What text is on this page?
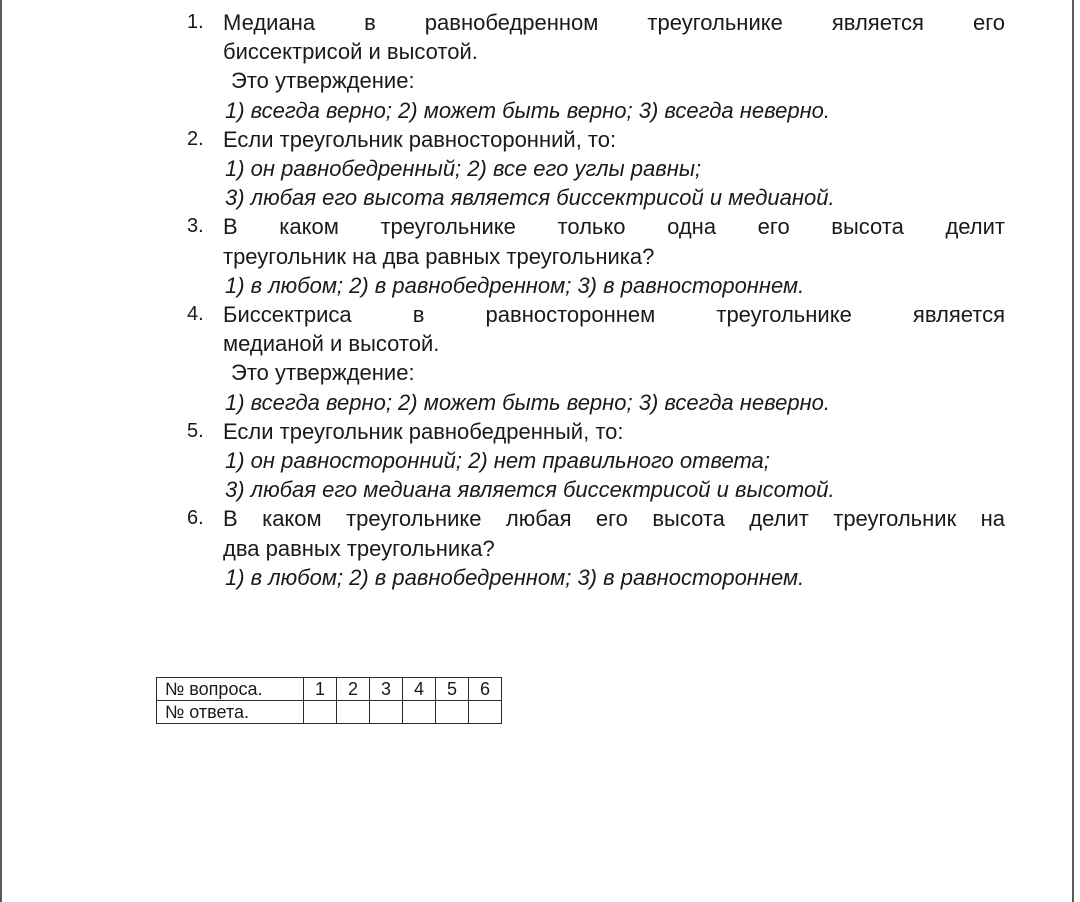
1. Медиана в равнобедренном треугольнике является его
биссектрисой и высотой.
Это утверждение:
1) всегда верно; 2) может быть верно; 3) всегда неверно.
2. Если треугольник равносторонний, то:
1) он равнобедренный; 2) все его углы равны;
3) любая его высота является биссектрисой и медианой.
3. В каком треугольнике только одна его высота делит
треугольник на два равных треугольника?
1) в любом; 2) в равнобедренном; 3) в равностороннем.
4. Биссектриса в равностороннем треугольнике является
медианой и высотой.
Это утверждение:
1) всегда верно; 2) может быть верно; 3) всегда неверно.
5. Если треугольник равнобедренный, то:
1) он равносторонний; 2) нет правильного ответа;
3) любая его медиана является биссектрисой и высотой.
6. В каком треугольнике любая его высота делит треугольник на
два равных треугольника?
1) в любом; 2) в равнобедренном; 3) в равностороннем.
№ вопроса.	1	2	3	4	5	6
№ ответа.						
